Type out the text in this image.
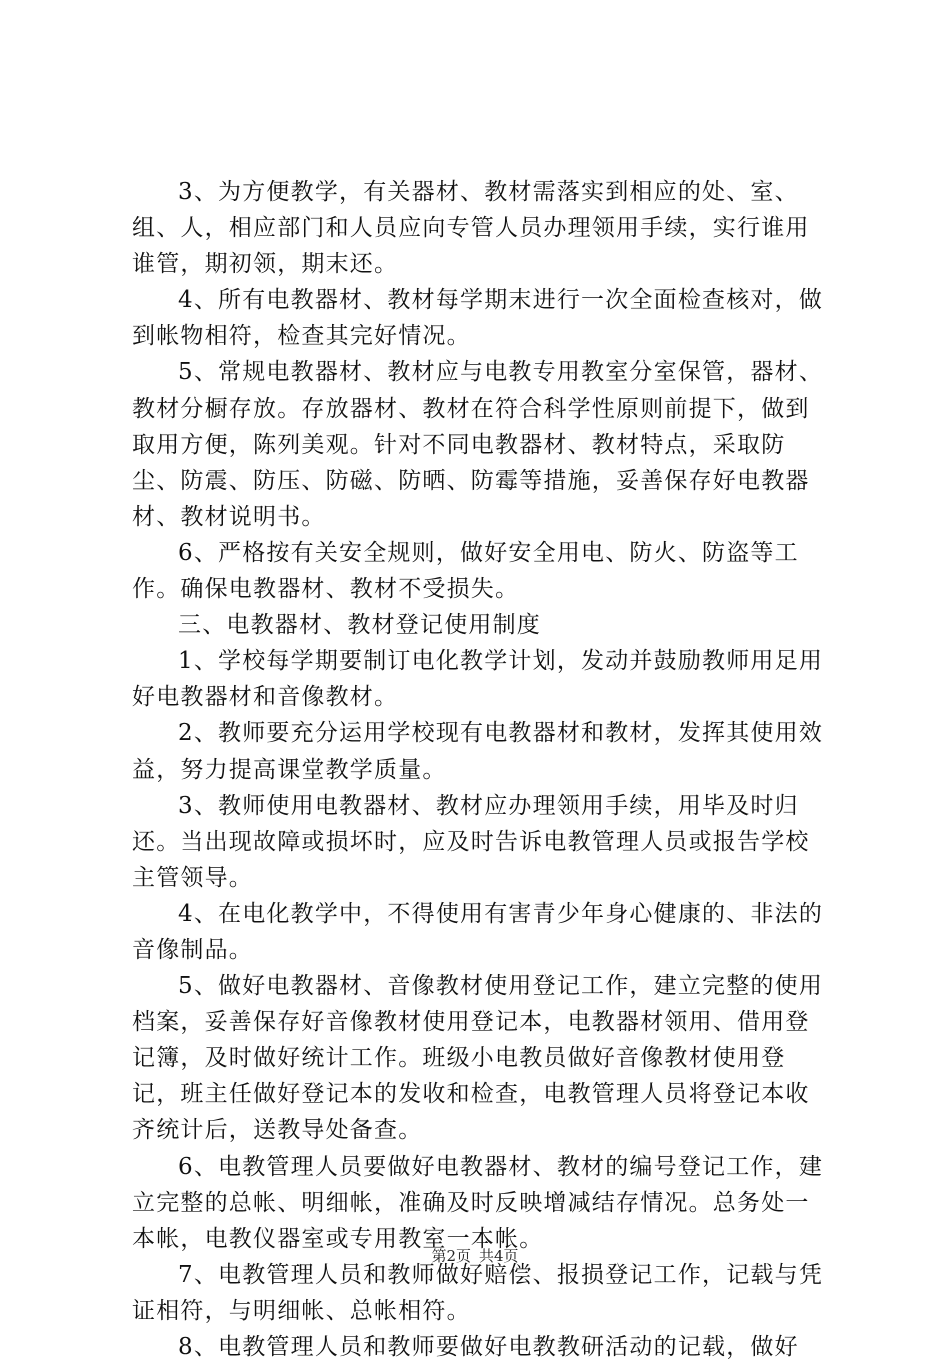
3、为方便教学，有关器材、教材需落实到相应的处、室、组、人，相应部门和人员应向专管人员办理领用手续，实行谁用谁管，期初领，期末还。

4、所有电教器材、教材每学期末进行一次全面检查核对，做到帐物相符，检查其完好情况。

5、常规电教器材、教材应与电教专用教室分室保管，器材、教材分橱存放。存放器材、教材在符合科学性原则前提下，做到取用方便，陈列美观。针对不同电教器材、教材特点，采取防尘、防震、防压、防磁、防晒、防霉等措施，妥善保存好电教器材、教材说明书。

6、严格按有关安全规则，做好安全用电、防火、防盗等工作。确保电教器材、教材不受损失。

三、电教器材、教材登记使用制度

1、学校每学期要制订电化教学计划，发动并鼓励教师用足用好电教器材和音像教材。

2、教师要充分运用学校现有电教器材和教材，发挥其使用效益，努力提高课堂教学质量。

3、教师使用电教器材、教材应办理领用手续，用毕及时归还。当出现故障或损坏时，应及时告诉电教管理人员或报告学校主管领导。

4、在电化教学中，不得使用有害青少年身心健康的、非法的音像制品。

5、做好电教器材、音像教材使用登记工作，建立完整的使用档案，妥善保存好音像教材使用登记本，电教器材领用、借用登记簿，及时做好统计工作。班级小电教员做好音像教材使用登记，班主任做好登记本的发收和检查，电教管理人员将登记本收齐统计后，送教导处备查。

6、电教管理人员要做好电教器材、教材的编号登记工作，建立完整的总帐、明细帐，准确及时反映增减结存情况。总务处一本帐，电教仪器室或专用教室一本帐。

7、电教管理人员和教师做好赔偿、报损登记工作，记载与凭证相符，与明细帐、总帐相符。

8、电教管理人员和教师要做好电教教研活动的记载，做好

第2页 共4页
